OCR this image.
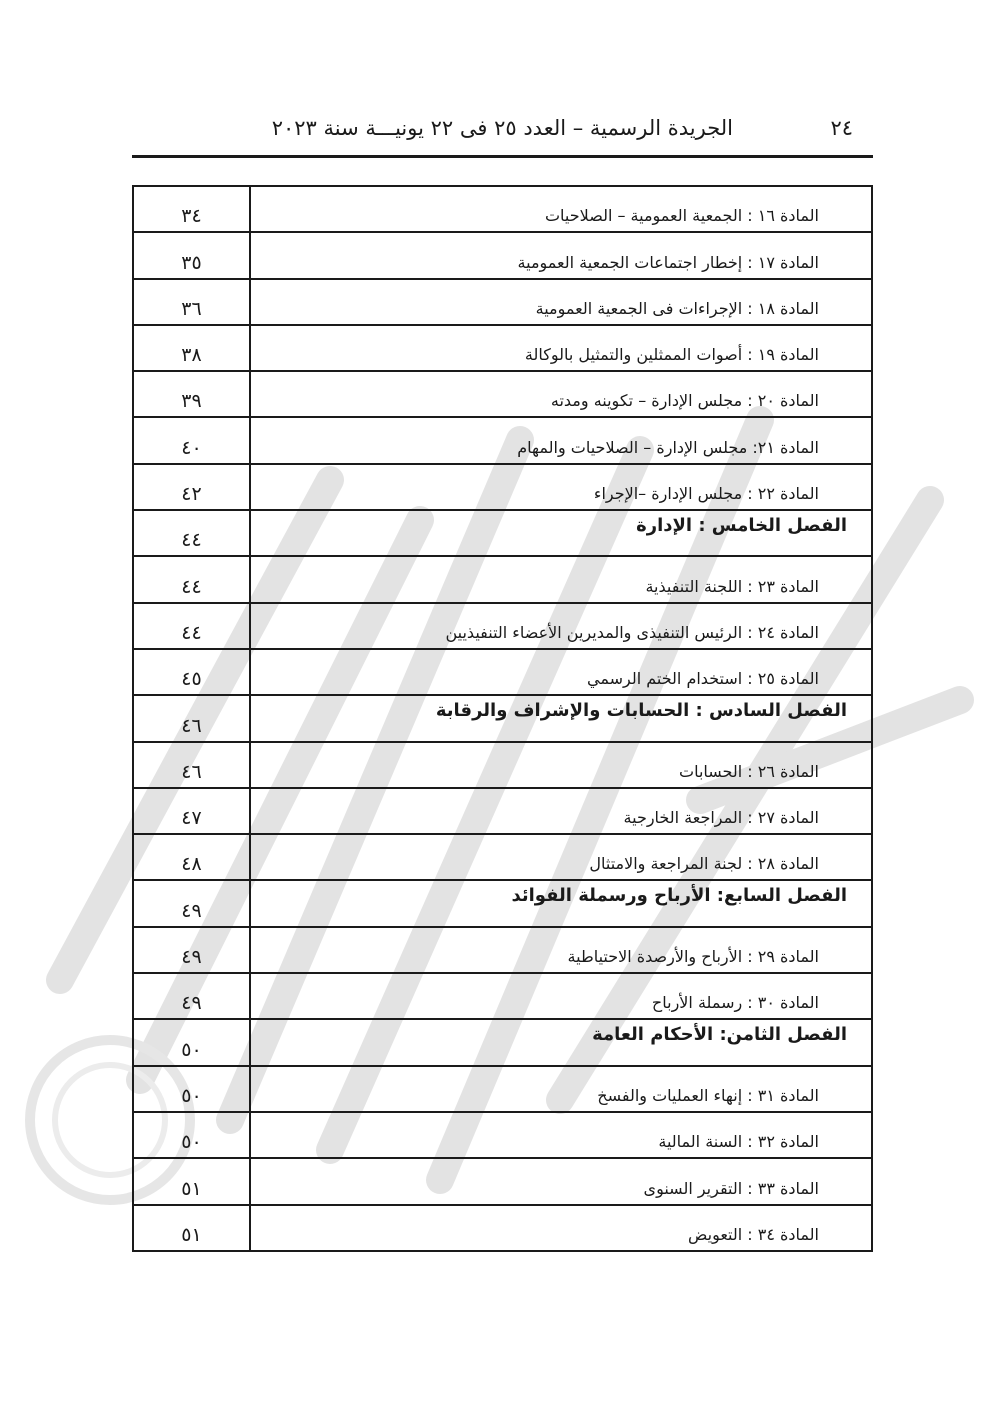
٢٤
الجريدة الرسمية – العدد ٢٥ فى ٢٢ يونيـــة سنة ٢٠٢٣
المادة ١٦ : الجمعية العمومية – الصلاحيات	٣٤
المادة ١٧ : إخطار اجتماعات الجمعية العمومية	٣٥
المادة ١٨ : الإجراءات فى الجمعية العمومية	٣٦
المادة ١٩ : أصوات الممثلين والتمثيل بالوكالة	٣٨
المادة ٢٠ : مجلس الإدارة – تكوينه ومدته	٣٩
المادة ٢١: مجلس الإدارة – الصلاحيات والمهام	٤٠
المادة ٢٢ : مجلس الإدارة –الإجراء	٤٢
الفصل الخامس : الإدارة	٤٤
المادة ٢٣ : اللجنة التنفيذية	٤٤
المادة ٢٤ : الرئيس التنفيذى والمديرين الأعضاء التنفيذيين	٤٤
المادة ٢٥ : استخدام الختم الرسمي	٤٥
الفصل السادس : الحسابات والإشراف والرقابة	٤٦
المادة ٢٦ : الحسابات	٤٦
المادة ٢٧ : المراجعة الخارجية	٤٧
المادة ٢٨ : لجنة المراجعة والامتثال	٤٨
الفصل السابع: الأرباح ورسملة الفوائد	٤٩
المادة ٢٩ : الأرباح والأرصدة الاحتياطية	٤٩
المادة ٣٠ : رسملة الأرباح	٤٩
الفصل الثامن: الأحكام العامة	٥٠
المادة ٣١ : إنهاء العمليات والفسخ	٥٠
المادة ٣٢ : السنة المالية	٥٠
المادة ٣٣ : التقرير السنوى	٥١
المادة ٣٤ : التعويض	٥١
